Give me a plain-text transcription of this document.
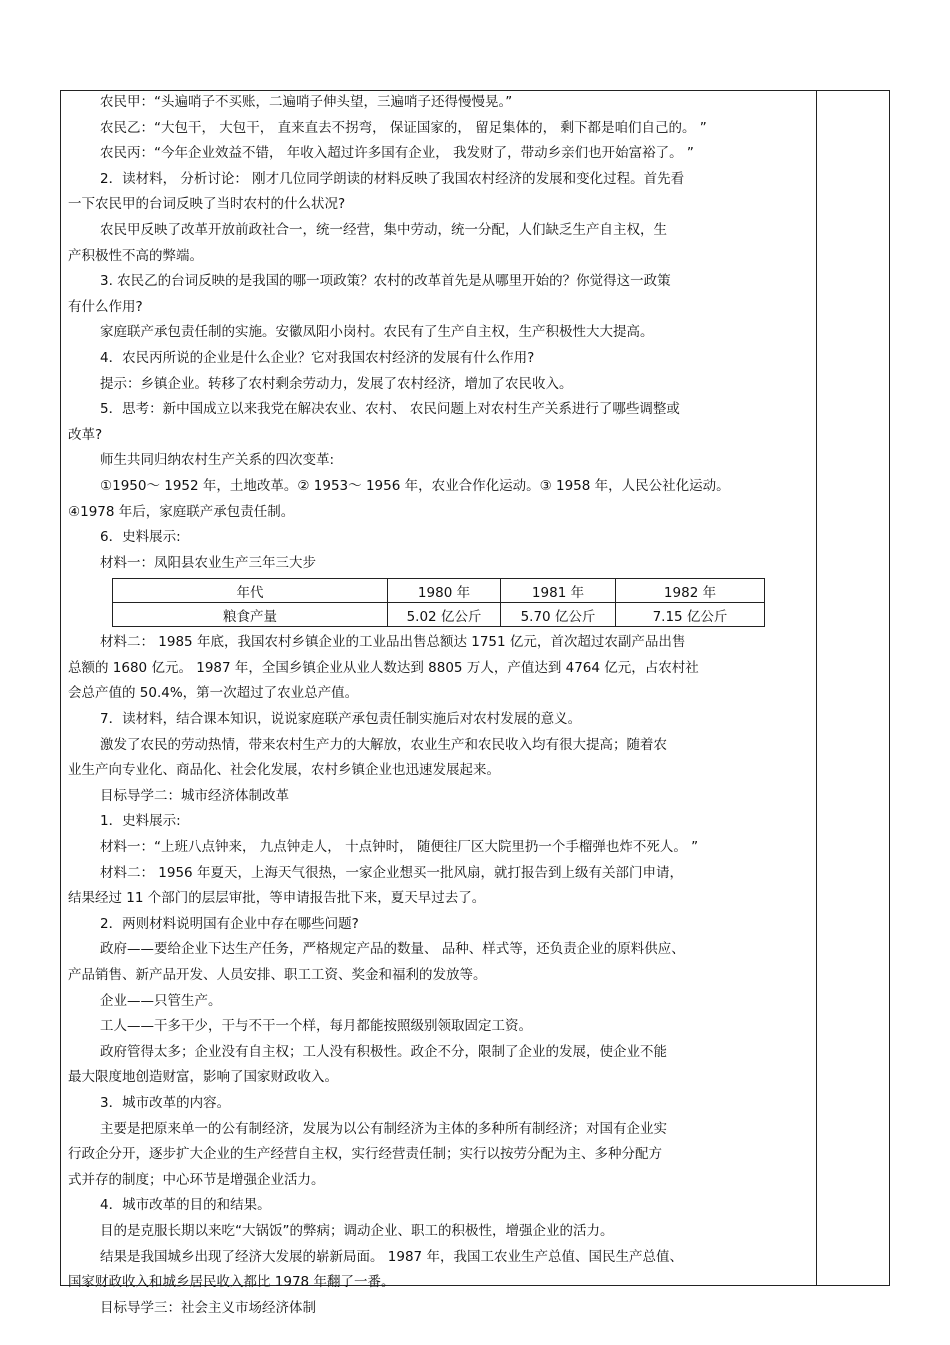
农民甲：“头遍哨子不买账，二遍哨子伸头望，三遍哨子还得慢慢晃。”
农民乙：“大包干， 大包干， 直来直去不拐弯， 保证国家的， 留足集体的， 剩下都是咱们自己的。 ”
农民丙：“今年企业效益不错， 年收入超过许多国有企业， 我发财了，带动乡亲们也开始富裕了。 ”
2．读材料， 分析讨论： 刚才几位同学朗读的材料反映了我国农村经济的发展和变化过程。首先看
一下农民甲的台词反映了当时农村的什么状况?
农民甲反映了改革开放前政社合一，统一经营，集中劳动，统一分配，人们缺乏生产自主权，生
产积极性不高的弊端。
3. 农民乙的台词反映的是我国的哪一项政策？农村的改革首先是从哪里开始的？你觉得这一政策
有什么作用?
家庭联产承包责任制的实施。安徽凤阳小岗村。农民有了生产自主权，生产积极性大大提高。
4．农民丙所说的企业是什么企业？它对我国农村经济的发展有什么作用?
提示：乡镇企业。转移了农村剩余劳动力，发展了农村经济，增加了农民收入。
5．思考：新中国成立以来我党在解决农业、农村、 农民问题上对农村生产关系进行了哪些调整或
改革?
师生共同归纳农村生产关系的四次变革:
①1950～ 1952 年，土地改革。② 1953～ 1956 年，农业合作化运动。③ 1958 年，人民公社化运动。
④1978 年后，家庭联产承包责任制。
6．史料展示:
材料一：凤阳县农业生产三年三大步
年代	1980 年	1981 年	1982 年
粮食产量	5.02 亿公斤	5.70 亿公斤	7.15 亿公斤
材料二： 1985 年底，我国农村乡镇企业的工业品出售总额达 1751 亿元，首次超过农副产品出售
总额的 1680 亿元。 1987 年，全国乡镇企业从业人数达到 8805 万人，产值达到 4764 亿元，占农村社
会总产值的 50.4%，第一次超过了农业总产值。
7．读材料，结合课本知识，说说家庭联产承包责任制实施后对农村发展的意义。
激发了农民的劳动热情，带来农村生产力的大解放，农业生产和农民收入均有很大提高；随着农
业生产向专业化、商品化、社会化发展，农村乡镇企业也迅速发展起来。
目标导学二：城市经济体制改革
1．史料展示:
材料一：“上班八点钟来， 九点钟走人， 十点钟时， 随便往厂区大院里扔一个手榴弹也炸不死人。 ”
材料二： 1956 年夏天，上海天气很热，一家企业想买一批风扇，就打报告到上级有关部门申请，
结果经过 11 个部门的层层审批，等申请报告批下来，夏天早过去了。
2．两则材料说明国有企业中存在哪些问题?
政府——要给企业下达生产任务，严格规定产品的数量、 品种、样式等，还负责企业的原料供应、
产品销售、新产品开发、人员安排、职工工资、奖金和福利的发放等。
企业——只管生产。
工人——干多干少，干与不干一个样，每月都能按照级别领取固定工资。
政府管得太多；企业没有自主权；工人没有积极性。政企不分，限制了企业的发展，使企业不能
最大限度地创造财富，影响了国家财政收入。
3．城市改革的内容。
主要是把原来单一的公有制经济，发展为以公有制经济为主体的多种所有制经济；对国有企业实
行政企分开，逐步扩大企业的生产经营自主权，实行经营责任制；实行以按劳分配为主、多种分配方
式并存的制度；中心环节是增强企业活力。
4．城市改革的目的和结果。
目的是克服长期以来吃“大锅饭”的弊病；调动企业、职工的积极性，增强企业的活力。
结果是我国城乡出现了经济大发展的崭新局面。 1987 年，我国工农业生产总值、国民生产总值、
国家财政收入和城乡居民收入都比 1978 年翻了一番。
目标导学三：社会主义市场经济体制
